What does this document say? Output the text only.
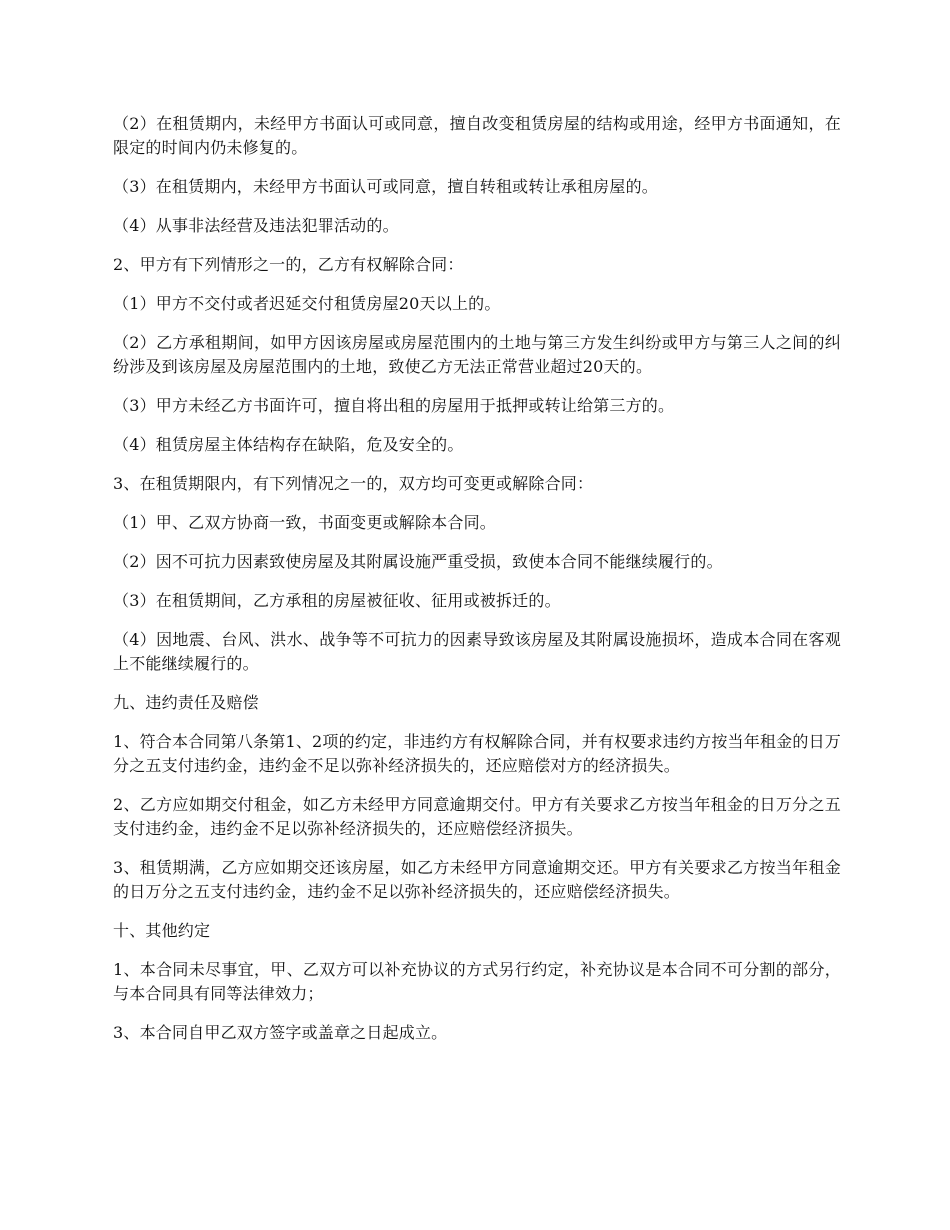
（2）在租赁期内，未经甲方书面认可或同意，擅自改变租赁房屋的结构或用途，经甲方书面通知，在限定的时间内仍未修复的。

（3）在租赁期内，未经甲方书面认可或同意，擅自转租或转让承租房屋的。

（4）从事非法经营及违法犯罪活动的。

2、甲方有下列情形之一的，乙方有权解除合同：

（1）甲方不交付或者迟延交付租赁房屋20天以上的。

（2）乙方承租期间，如甲方因该房屋或房屋范围内的土地与第三方发生纠纷或甲方与第三人之间的纠纷涉及到该房屋及房屋范围内的土地，致使乙方无法正常营业超过20天的。

（3）甲方未经乙方书面许可，擅自将出租的房屋用于抵押或转让给第三方的。

（4）租赁房屋主体结构存在缺陷，危及安全的。

3、在租赁期限内，有下列情况之一的，双方均可变更或解除合同：

（1）甲、乙双方协商一致，书面变更或解除本合同。

（2）因不可抗力因素致使房屋及其附属设施严重受损，致使本合同不能继续履行的。

（3）在租赁期间，乙方承租的房屋被征收、征用或被拆迁的。

（4）因地震、台风、洪水、战争等不可抗力的因素导致该房屋及其附属设施损坏，造成本合同在客观上不能继续履行的。

九、违约责任及赔偿

1、符合本合同第八条第1、2项的约定，非违约方有权解除合同，并有权要求违约方按当年租金的日万分之五支付违约金，违约金不足以弥补经济损失的，还应赔偿对方的经济损失。

2、乙方应如期交付租金，如乙方未经甲方同意逾期交付。甲方有关要求乙方按当年租金的日万分之五支付违约金，违约金不足以弥补经济损失的，还应赔偿经济损失。

3、租赁期满，乙方应如期交还该房屋，如乙方未经甲方同意逾期交还。甲方有关要求乙方按当年租金的日万分之五支付违约金，违约金不足以弥补经济损失的，还应赔偿经济损失。

十、其他约定

1、本合同未尽事宜，甲、乙双方可以补充协议的方式另行约定，补充协议是本合同不可分割的部分，与本合同具有同等法律效力；

3、本合同自甲乙双方签字或盖章之日起成立。
